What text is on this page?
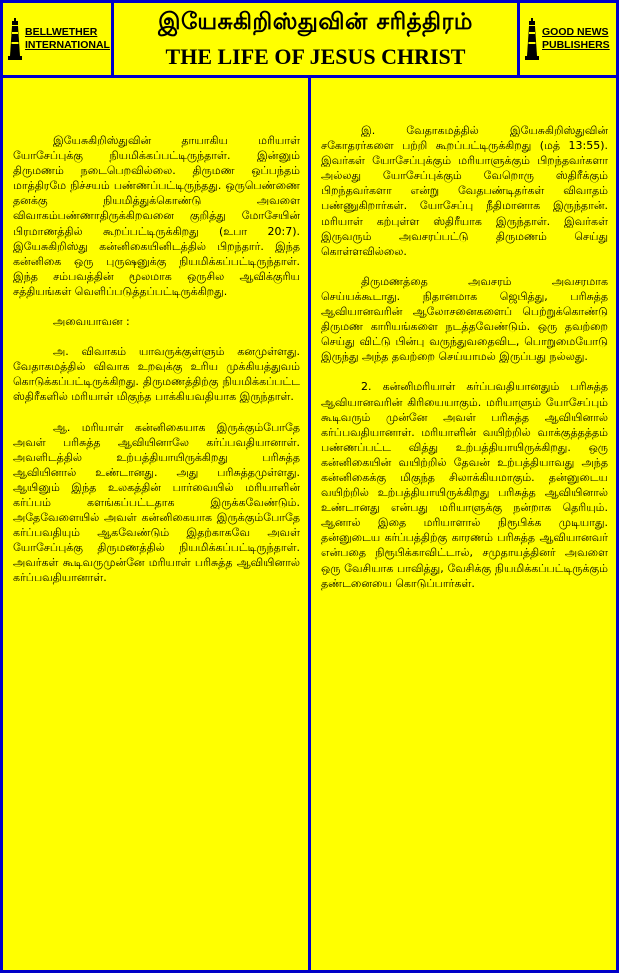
BELLWETHER
INTERNATIONAL
இயேசுகிறிஸ்துவின் சரித்திரம்
THE LIFE OF JESUS CHRIST
GOOD NEWS
PUBLISHERS

இயேசுகிறிஸ்துவின் தாயாகிய மரியாள் யோசேப்புக்கு நியமிக்கப்பட்டிருந்தாள். இன்னும் திருமணம் நடைபெறவில்லை. திருமண ஒப்பந்தம் மாத்திரமே நிச்சயம் பண்ணப்பட்டிருந்தது. ஒருபெண்ணை தனக்கு நியமித்துக்கொண்டு அவளை விவாகம்பண்ணாதிருக்கிறவனை குறித்து மோசேயின் பிரமாணத்தில் கூறப்பட்டிருக்கிறது (உபா 20:7). இயேசுகிறிஸ்து கன்னிகையினிடத்தில் பிறந்தார். இந்த கன்னிகை ஒரு புருஷனுக்கு நியமிக்கப்பட்டிருந்தாள். இந்த சம்பவத்தின் மூலமாக ஒருசில ஆவிக்குரிய சத்தியங்கள் வெளிப்படுத்தப்பட்டிருக்கிறது.

அவையாவன :

அ. விவாகம் யாவருக்குள்ளும் கனமுள்ளது. வேதாகமத்தில் விவாக உறவுக்கு உரிய முக்கியத்துவம் கொடுக்கப்பட்டிருக்கிறது. திருமணத்திற்கு நியமிக்கப்பட்ட ஸ்திரீகளில் மரியாள் மிகுந்த பாக்கியவதியாக இருந்தாள்.

ஆ. மரியாள் கன்னிகையாக இருக்கும்போதே அவள் பரிசுத்த ஆவியினாலே கர்ப்பவதியானாள். அவளிடத்தில் உற்பத்தியாயிருக்கிறது பரிசுத்த ஆவியினால் உண்டானது. அது பரிசுத்தமுள்ளது. ஆயினும் இந்த உலகத்தின் பார்வையில் மரியாளின் கர்ப்பம் களங்கப்பட்டதாக இருக்கவேண்டும். அதேவேளையில் அவள் கன்னிகையாக இருக்கும்போதே கர்ப்பவதியும் ஆகவேண்டும் இதற்காகவே அவள் யோசேப்புக்கு திருமணத்தில் நியமிக்கப்பட்டிருந்தாள். அவர்கள் கூடிவருமுன்னே மரியாள் பரிசுத்த ஆவியினால் கர்ப்பவதியானாள்.

இ. வேதாகமத்தில் இயேசுகிறிஸ்துவின் சகோதரர்களை பற்றி கூறப்பட்டிருக்கிறது (மத் 13:55). இவர்கள் யோசேப்புக்கும் மரியாளுக்கும் பிறந்தவர்களா அல்லது யோசேப்புக்கும் வேறொரு ஸ்திரீக்கும் பிறந்தவர்களா என்று வேதபண்டிதர்கள் விவாதம் பண்ணுகிறார்கள். யோசேப்பு நீதிமானாக இருந்தான். மரியாள் கற்புள்ள ஸ்திரீயாக இருந்தாள். இவர்கள் இருவரும் அவசரப்பட்டு திருமணம் செய்து கொள்ளவில்லை.

திருமணத்தை அவசரம் அவசரமாக செய்யக்கூடாது. நிதானமாக ஜெபித்து, பரிசுத்த ஆவியானவரின் ஆலோசனைகளைப் பெற்றுக்கொண்டு திருமண காரியங்களை நடத்தவேண்டும். ஒரு தவற்றை செய்து விட்டு பின்பு வருந்துவதைவிட, பொறுமையோடு இருந்து அந்த தவற்றை செய்யாமல் இருப்பது நல்லது.

2. கன்னிமரியாள் கர்ப்பவதியானதும் பரிசுத்த ஆவியானவரின் கிரியையாகும். மரியாளும் யோசேப்பும் கூடிவரும் முன்னே அவள் பரிசுத்த ஆவியினால் கர்ப்பவதியானாள். மரியாளின் வயிற்றில் வாக்குத்தத்தம் பண்ணப்பட்ட வித்து உற்பத்தியாயிருக்கிறது. ஒரு கன்னிகையின் வயிற்றில் தேவன் உற்பத்தியாவது அந்த கன்னிகைக்கு மிகுந்த சிலாக்கியமாகும். தன்னுடைய வயிற்றில் உற்பத்தியாயிருக்கிறது பரிசுத்த ஆவியினால் உண்டானது என்பது மரியாளுக்கு நன்றாக தெரியும். ஆனால் இதை மரியாளால் நிரூபிக்க முடியாது. தன்னுடைய கர்ப்பத்திற்கு காரணம் பரிசுத்த ஆவியானவர் என்பதை நிரூபிக்காவிட்டால், சமுதாயத்தினர் அவளை ஒரு வேசியாக பாவித்து, வேசிக்கு நியமிக்கப்பட்டிருக்கும் தண்டனையை கொடுப்பார்கள்.
